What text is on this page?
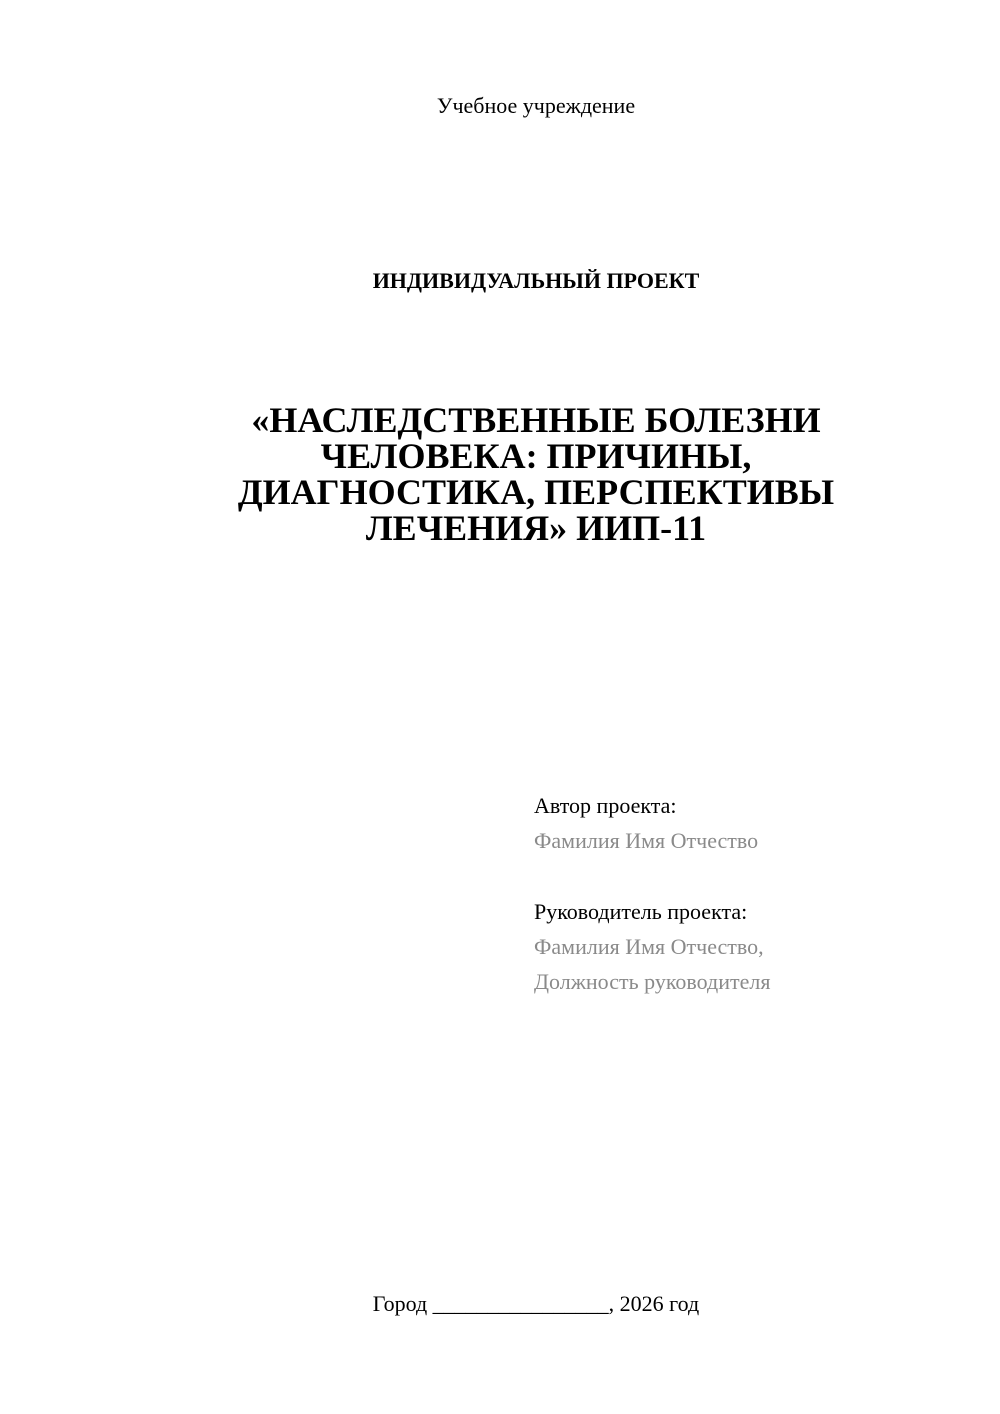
Учебное учреждение
ИНДИВИДУАЛЬНЫЙ ПРОЕКТ
«НАСЛЕДСТВЕННЫЕ БОЛЕЗНИ
ЧЕЛОВЕКА: ПРИЧИНЫ,
ДИАГНОСТИКА, ПЕРСПЕКТИВЫ
ЛЕЧЕНИЯ» ИИП-11
Автор проекта:
Фамилия Имя Отчество
Руководитель проекта:
Фамилия Имя Отчество,
Должность руководителя
Город ________________, 2026 год
